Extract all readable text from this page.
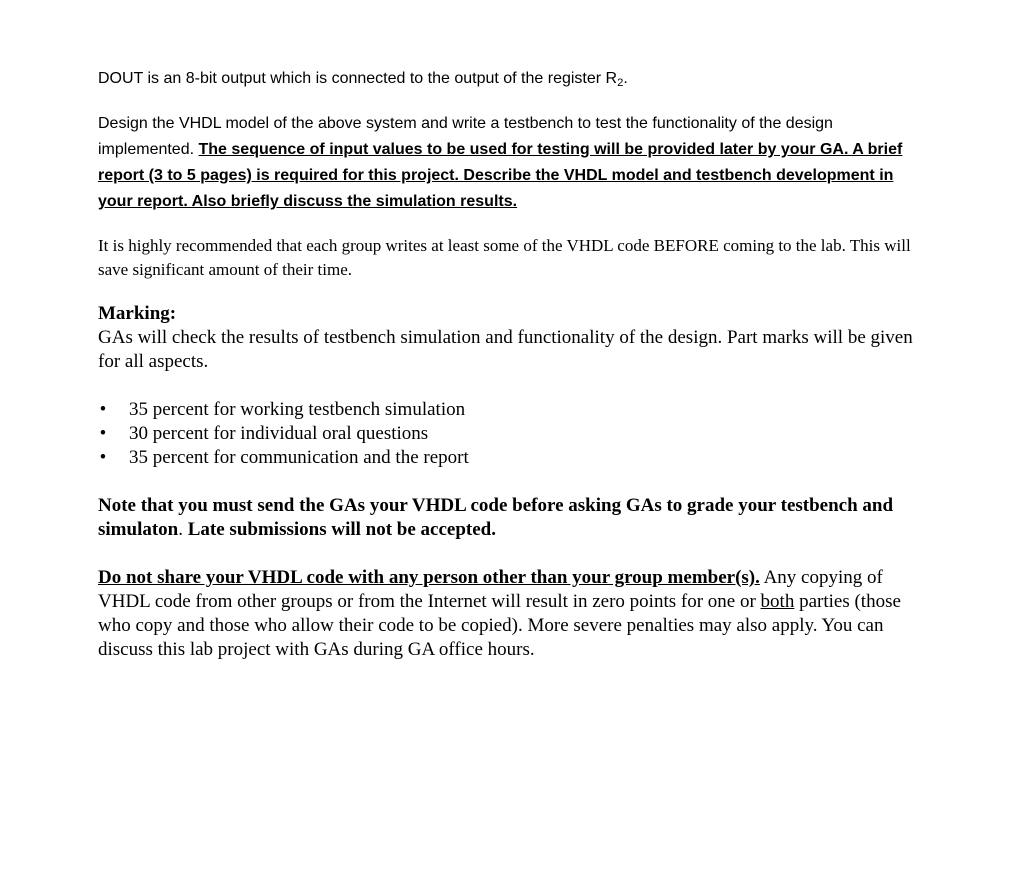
DOUT is an 8-bit output which is connected to the output of the register $R_2$.

Design the VHDL model of the above system and write a testbench to test the functionality of the design implemented. The sequence of input values to be used for testing will be provided later by your GA. A brief report (3 to 5 pages) is required for this project. Describe the VHDL model and testbench development in your report. Also briefly discuss the simulation results.

It is highly recommended that each group writes at least some of the VHDL code BEFORE coming to the lab. This will save significant amount of their time.

Marking:
GAs will check the results of testbench simulation and functionality of the design. Part marks will be given for all aspects.
• 35 percent for working testbench simulation
• 30 percent for individual oral questions
• 35 percent for communication and the report

Note that you must send the GAs your VHDL code before asking GAs to grade your testbench and simulaton. Late submissions will not be accepted.

Do not share your VHDL code with any person other than your group member(s). Any copying of VHDL code from other groups or from the Internet will result in zero points for one or both parties (those who copy and those who allow their code to be copied). More severe penalties may also apply. You can discuss this lab project with GAs during GA office hours.
